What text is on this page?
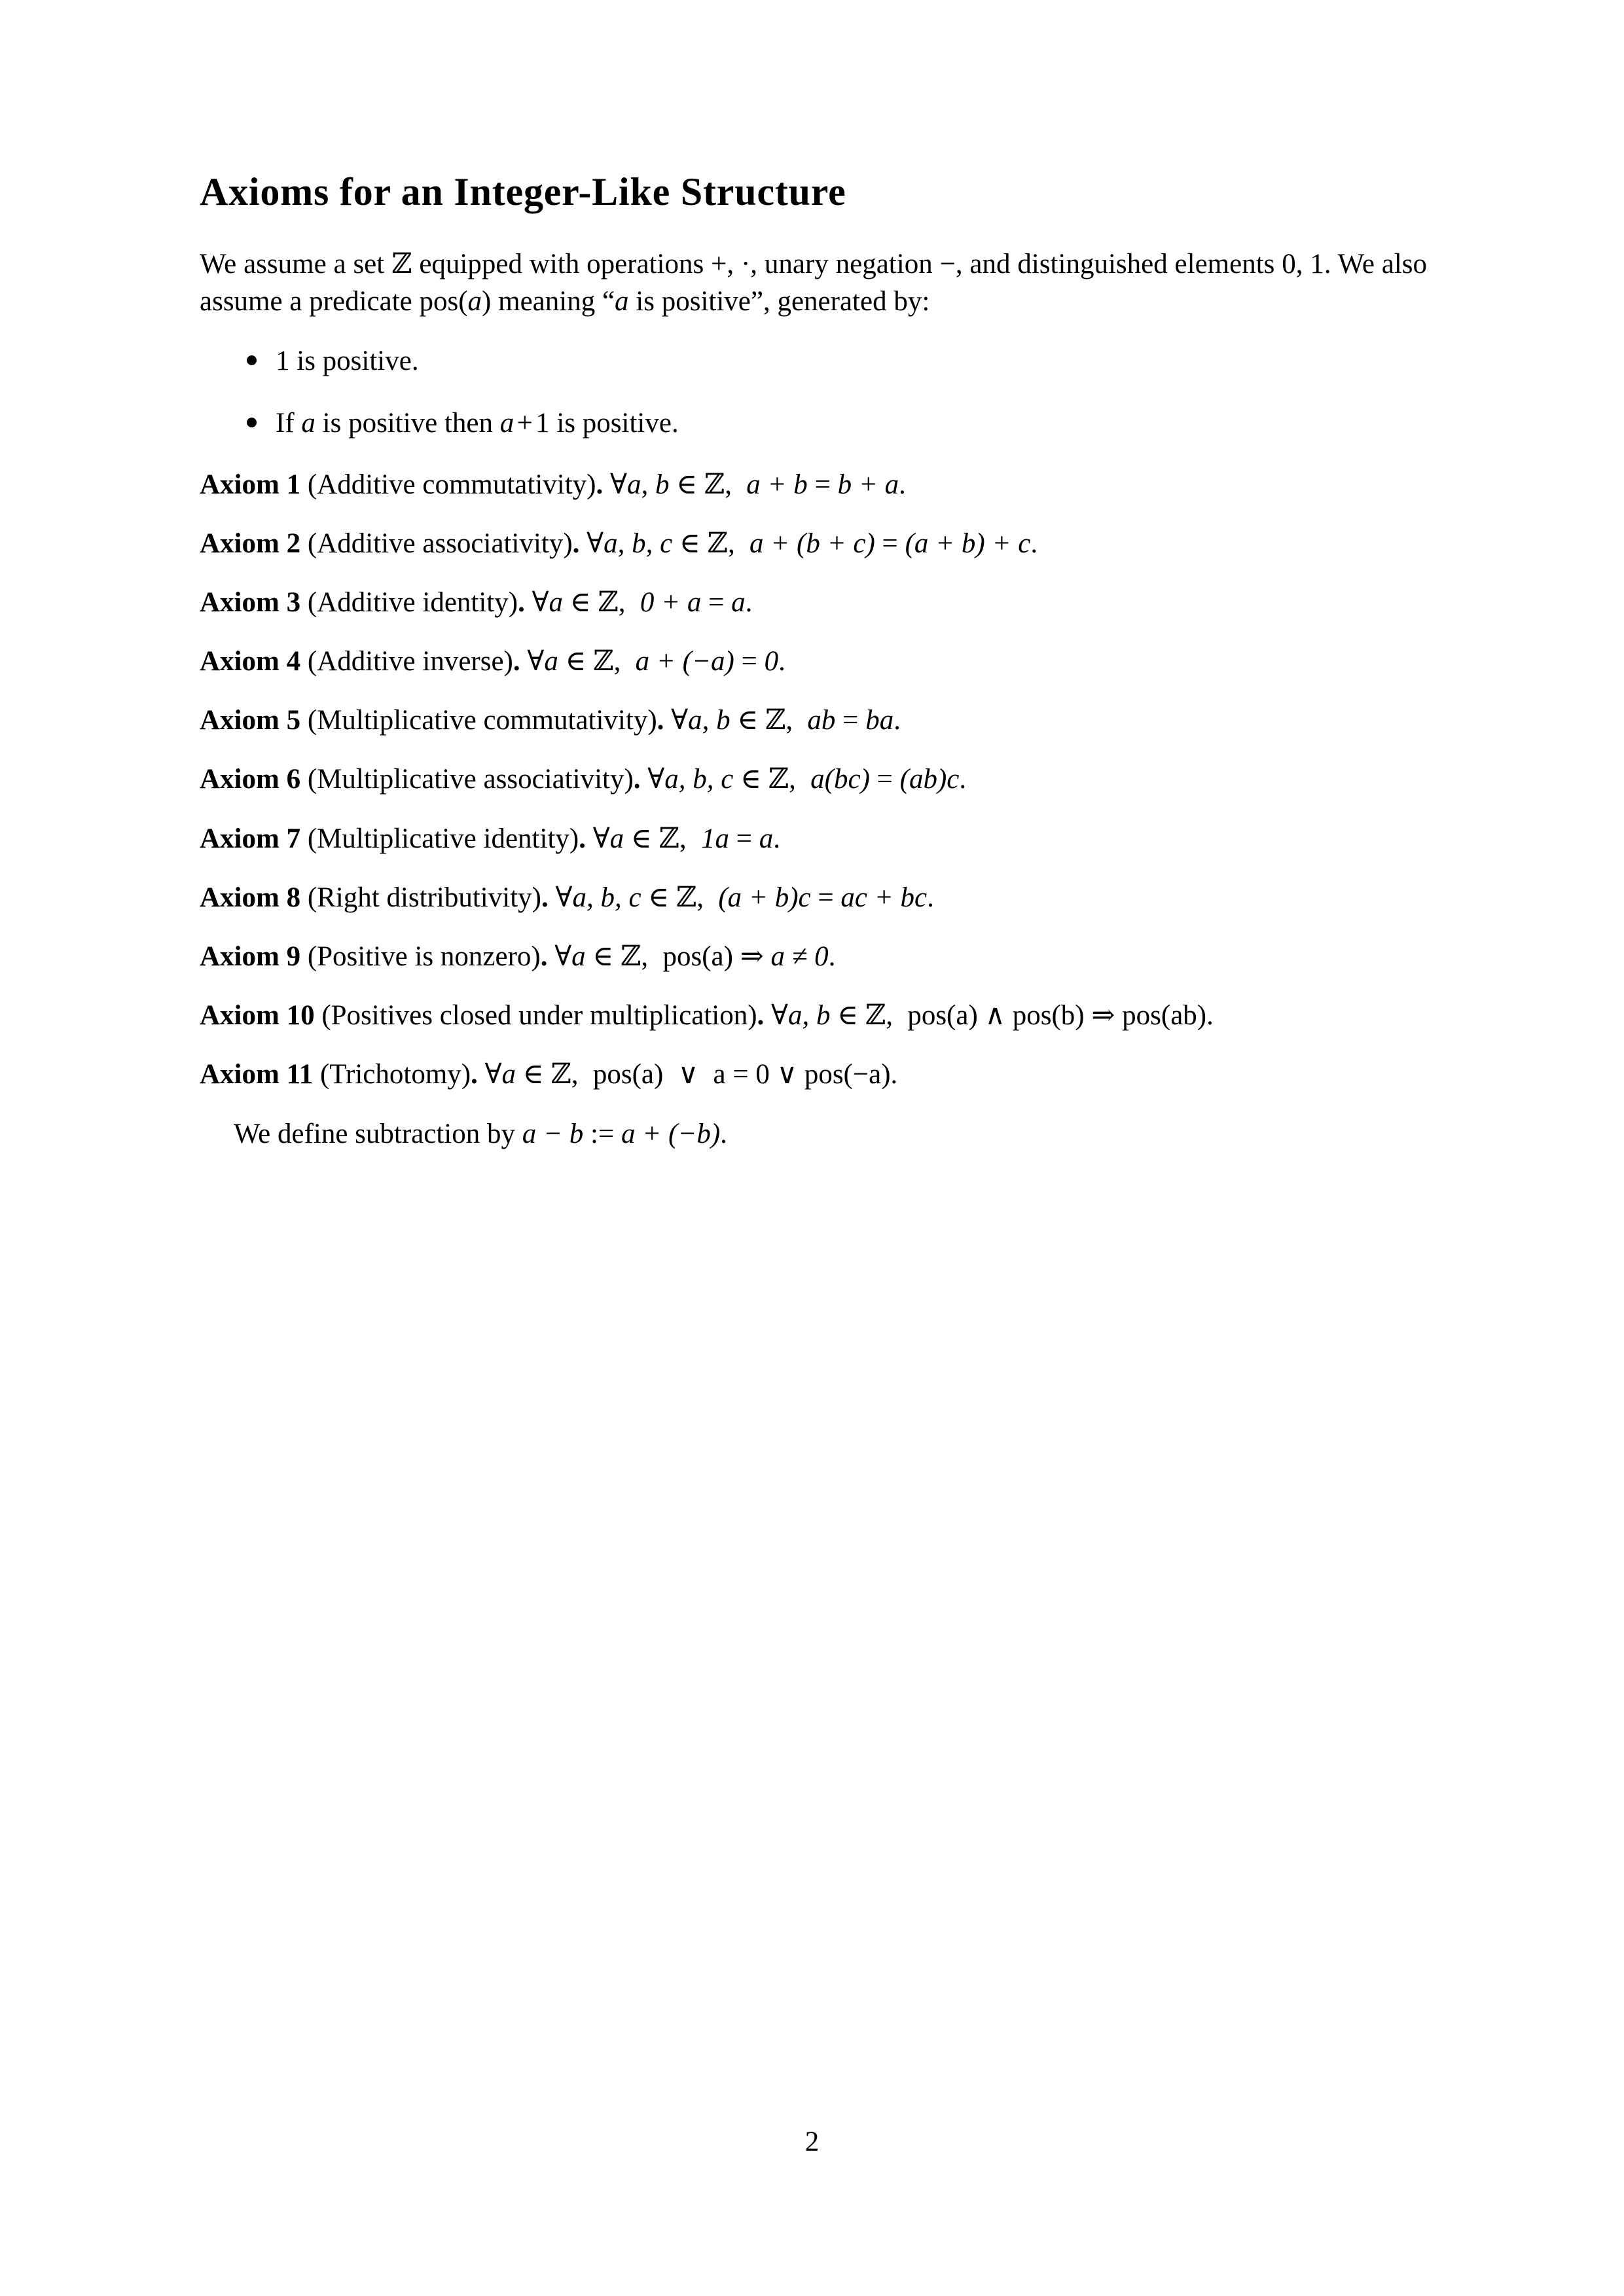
Axioms for an Integer-Like Structure

We assume a set ℤ equipped with operations +, ·, unary negation −, and distinguished elements 0, 1. We also assume a predicate pos(a) meaning “a is positive”, generated by:

1 is positive.
If a is positive then a+1 is positive.

Axiom 1 (Additive commutativity). ∀a, b ∈ ℤ, a + b = b + a.

Axiom 2 (Additive associativity). ∀a, b, c ∈ ℤ, a + (b + c) = (a + b) + c.

Axiom 3 (Additive identity). ∀a ∈ ℤ, 0 + a = a.

Axiom 4 (Additive inverse). ∀a ∈ ℤ, a + (−a) = 0.

Axiom 5 (Multiplicative commutativity). ∀a, b ∈ ℤ, ab = ba.

Axiom 6 (Multiplicative associativity). ∀a, b, c ∈ ℤ, a(bc) = (ab)c.

Axiom 7 (Multiplicative identity). ∀a ∈ ℤ, 1a = a.

Axiom 8 (Right distributivity). ∀a, b, c ∈ ℤ, (a + b)c = ac + bc.

Axiom 9 (Positive is nonzero). ∀a ∈ ℤ, pos(a) ⇒ a ≠ 0.

Axiom 10 (Positives closed under multiplication). ∀a, b ∈ ℤ, pos(a) ∧ pos(b) ⇒ pos(ab).

Axiom 11 (Trichotomy). ∀a ∈ ℤ, pos(a) ∨ a = 0 ∨ pos(−a).

We define subtraction by a − b := a + (−b).

2
